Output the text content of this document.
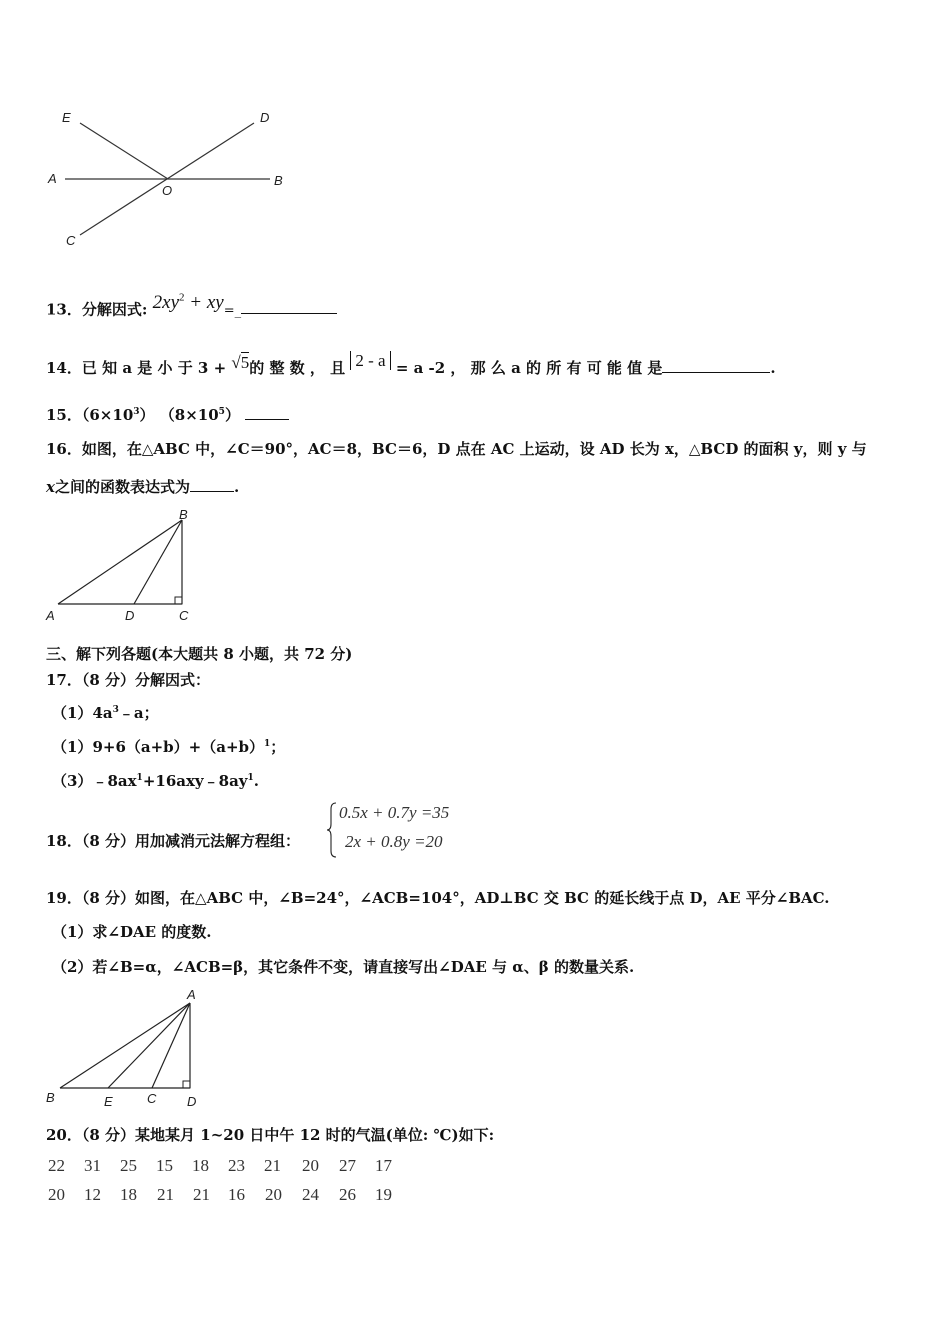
E	D
A
O
B
C
13．分解因式: $2xy^2$ + xy=_
14．已 知 a 是 小 于 3 + √5的 整 数 ， 且 2 - a = a -2 ， 那 么 a 的 所 有 可 能 值 是	.
15．$(6\times 10^3)$ $(8\times 10^5)$
16．如图，在△ABC 中，∠C＝90°，AC＝8，BC＝6，D 点在 AC 上运动，设 AD 长为 x，△BCD 的面积 y，则 y 与
x之间的函数表达式为	.
B
A	D	C
三、解下列各题(本大题共 8 小题，共 72 分)
17．（8 分）分解因式：
$(1)4a^3﹣a$；
$(1)9+6(a+b)+(a+b)^1$；
$(3)﹣8ax^1+16axy﹣8ay^1$.
18．（8 分）用加减消元法解方程组：
0.5x + 0.7y =35
2x + 0.8y =20
19．（8 分）如图，在△ABC 中，∠B=24°，∠ACB=104°，AD⊥BC 交 BC 的延长线于点 D，AE 平分∠BAC.
（1）求∠DAE 的度数.
（2）若∠B=α，∠ACB=β，其它条件不变，请直接写出∠DAE 与 α、β 的数量关系.
A
B	E	C D
20．（8 分）某地某月 1~20 日中午 12 时的气温(单位: ℃)如下:
22 31 25 15 18 23 21 20 27 17
20 12 18 21 21 16 20 24 26 19
